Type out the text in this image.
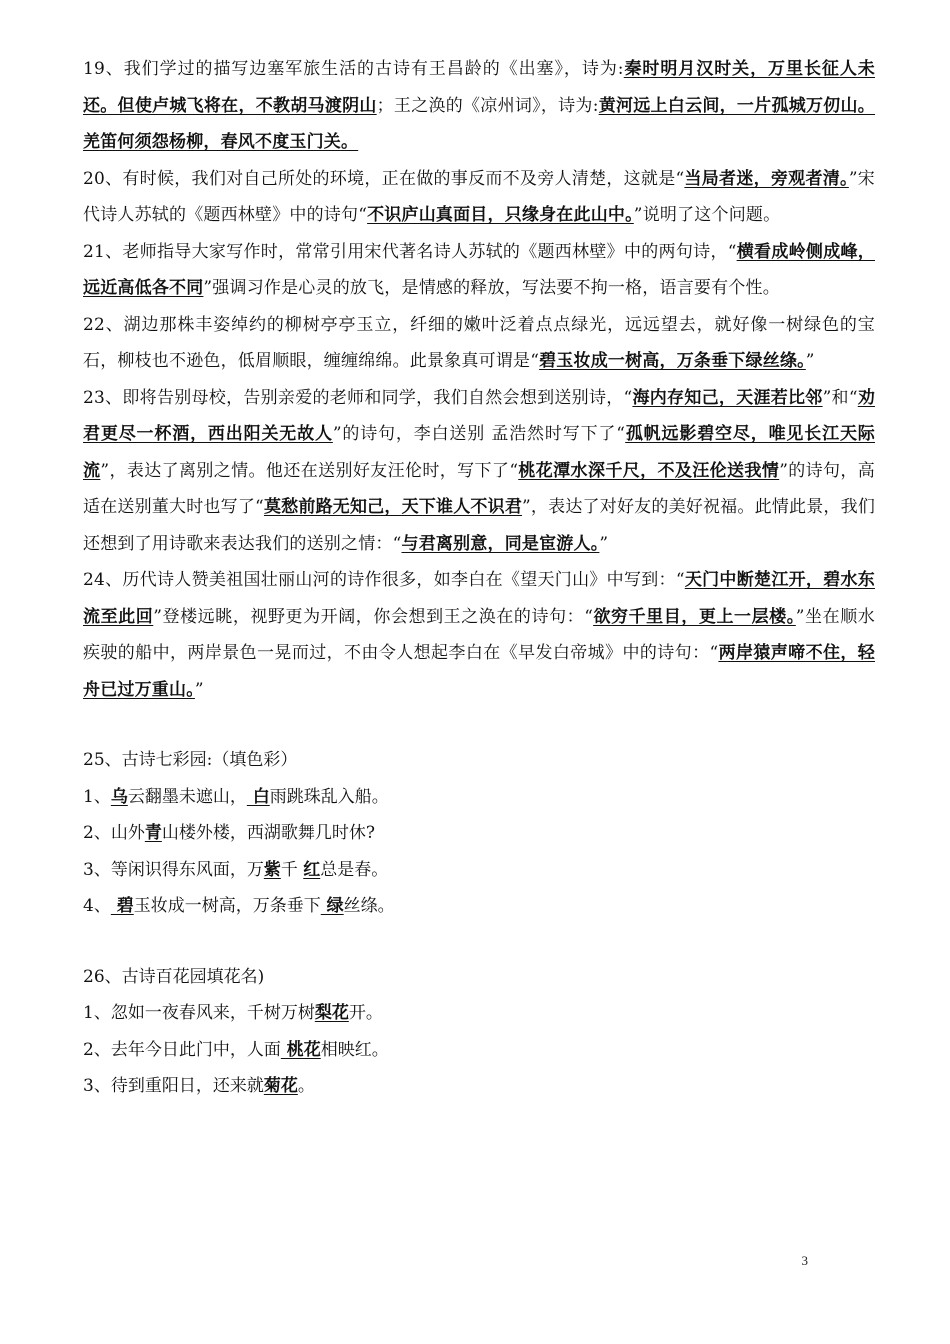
19、我们学过的描写边塞军旅生活的古诗有王昌龄的《出塞》，诗为:秦时明月汉时关，万里长征人未还。但使卢城飞将在，不教胡马渡阴山；王之涣的《凉州词》，诗为:黄河远上白云间，一片孤城万仞山。羌笛何须怨杨柳，春风不度玉门关。

20、有时候，我们对自己所处的环境，正在做的事反而不及旁人清楚，这就是“当局者迷，旁观者清。”宋代诗人苏轼的《题西林壁》中的诗句“不识庐山真面目，只缘身在此山中。”说明了这个问题。

21、老师指导大家写作时，常常引用宋代著名诗人苏轼的《题西林壁》中的两句诗，“横看成岭侧成峰，远近高低各不同”强调习作是心灵的放飞，是情感的释放，写法要不拘一格，语言要有个性。

22、湖边那株丰姿绰约的柳树亭亭玉立，纤细的嫩叶泛着点点绿光，远远望去，就好像一树绿色的宝石，柳枝也不逊色，低眉顺眼，缠缠绵绵。此景象真可谓是“碧玉妆成一树高，万条垂下绿丝绦。”

23、即将告别母校，告别亲爱的老师和同学，我们自然会想到送别诗，“海内存知己，天涯若比邻”和“劝君更尽一杯酒，西出阳关无故人”的诗句，李白送别 孟浩然时写下了“孤帆远影碧空尽，唯见长江天际流”，表达了离别之情。他还在送别好友汪伦时，写下了“桃花潭水深千尺，不及汪伦送我情”的诗句，高适在送别董大时也写了“莫愁前路无知己，天下谁人不识君”，表达了对好友的美好祝福。此情此景，我们还想到了用诗歌来表达我们的送别之情：“与君离别意，同是宦游人。”

24、历代诗人赞美祖国壮丽山河的诗作很多，如李白在《望天门山》中写到：“天门中断楚江开，碧水东流至此回”登楼远眺，视野更为开阔，你会想到王之涣在的诗句：“欲穷千里目，更上一层楼。”坐在顺水疾驶的船中，两岸景色一晃而过，不由令人想起李白在《早发白帝城》中的诗句：“两岸猿声啼不住，轻舟已过万重山。”

25、古诗七彩园:（填色彩）

1、乌云翻墨未遮山， 白雨跳珠乱入船。

2、山外青山楼外楼，西湖歌舞几时休?

3、等闲识得东风面，万紫千 红总是春。

4、 碧玉妆成一树高，万条垂下 绿丝绦。

26、古诗百花园填花名)

1、忽如一夜春风来，千树万树梨花开。

2、去年今日此门中，人面 桃花相映红。

3、待到重阳日，还来就菊花。

3
